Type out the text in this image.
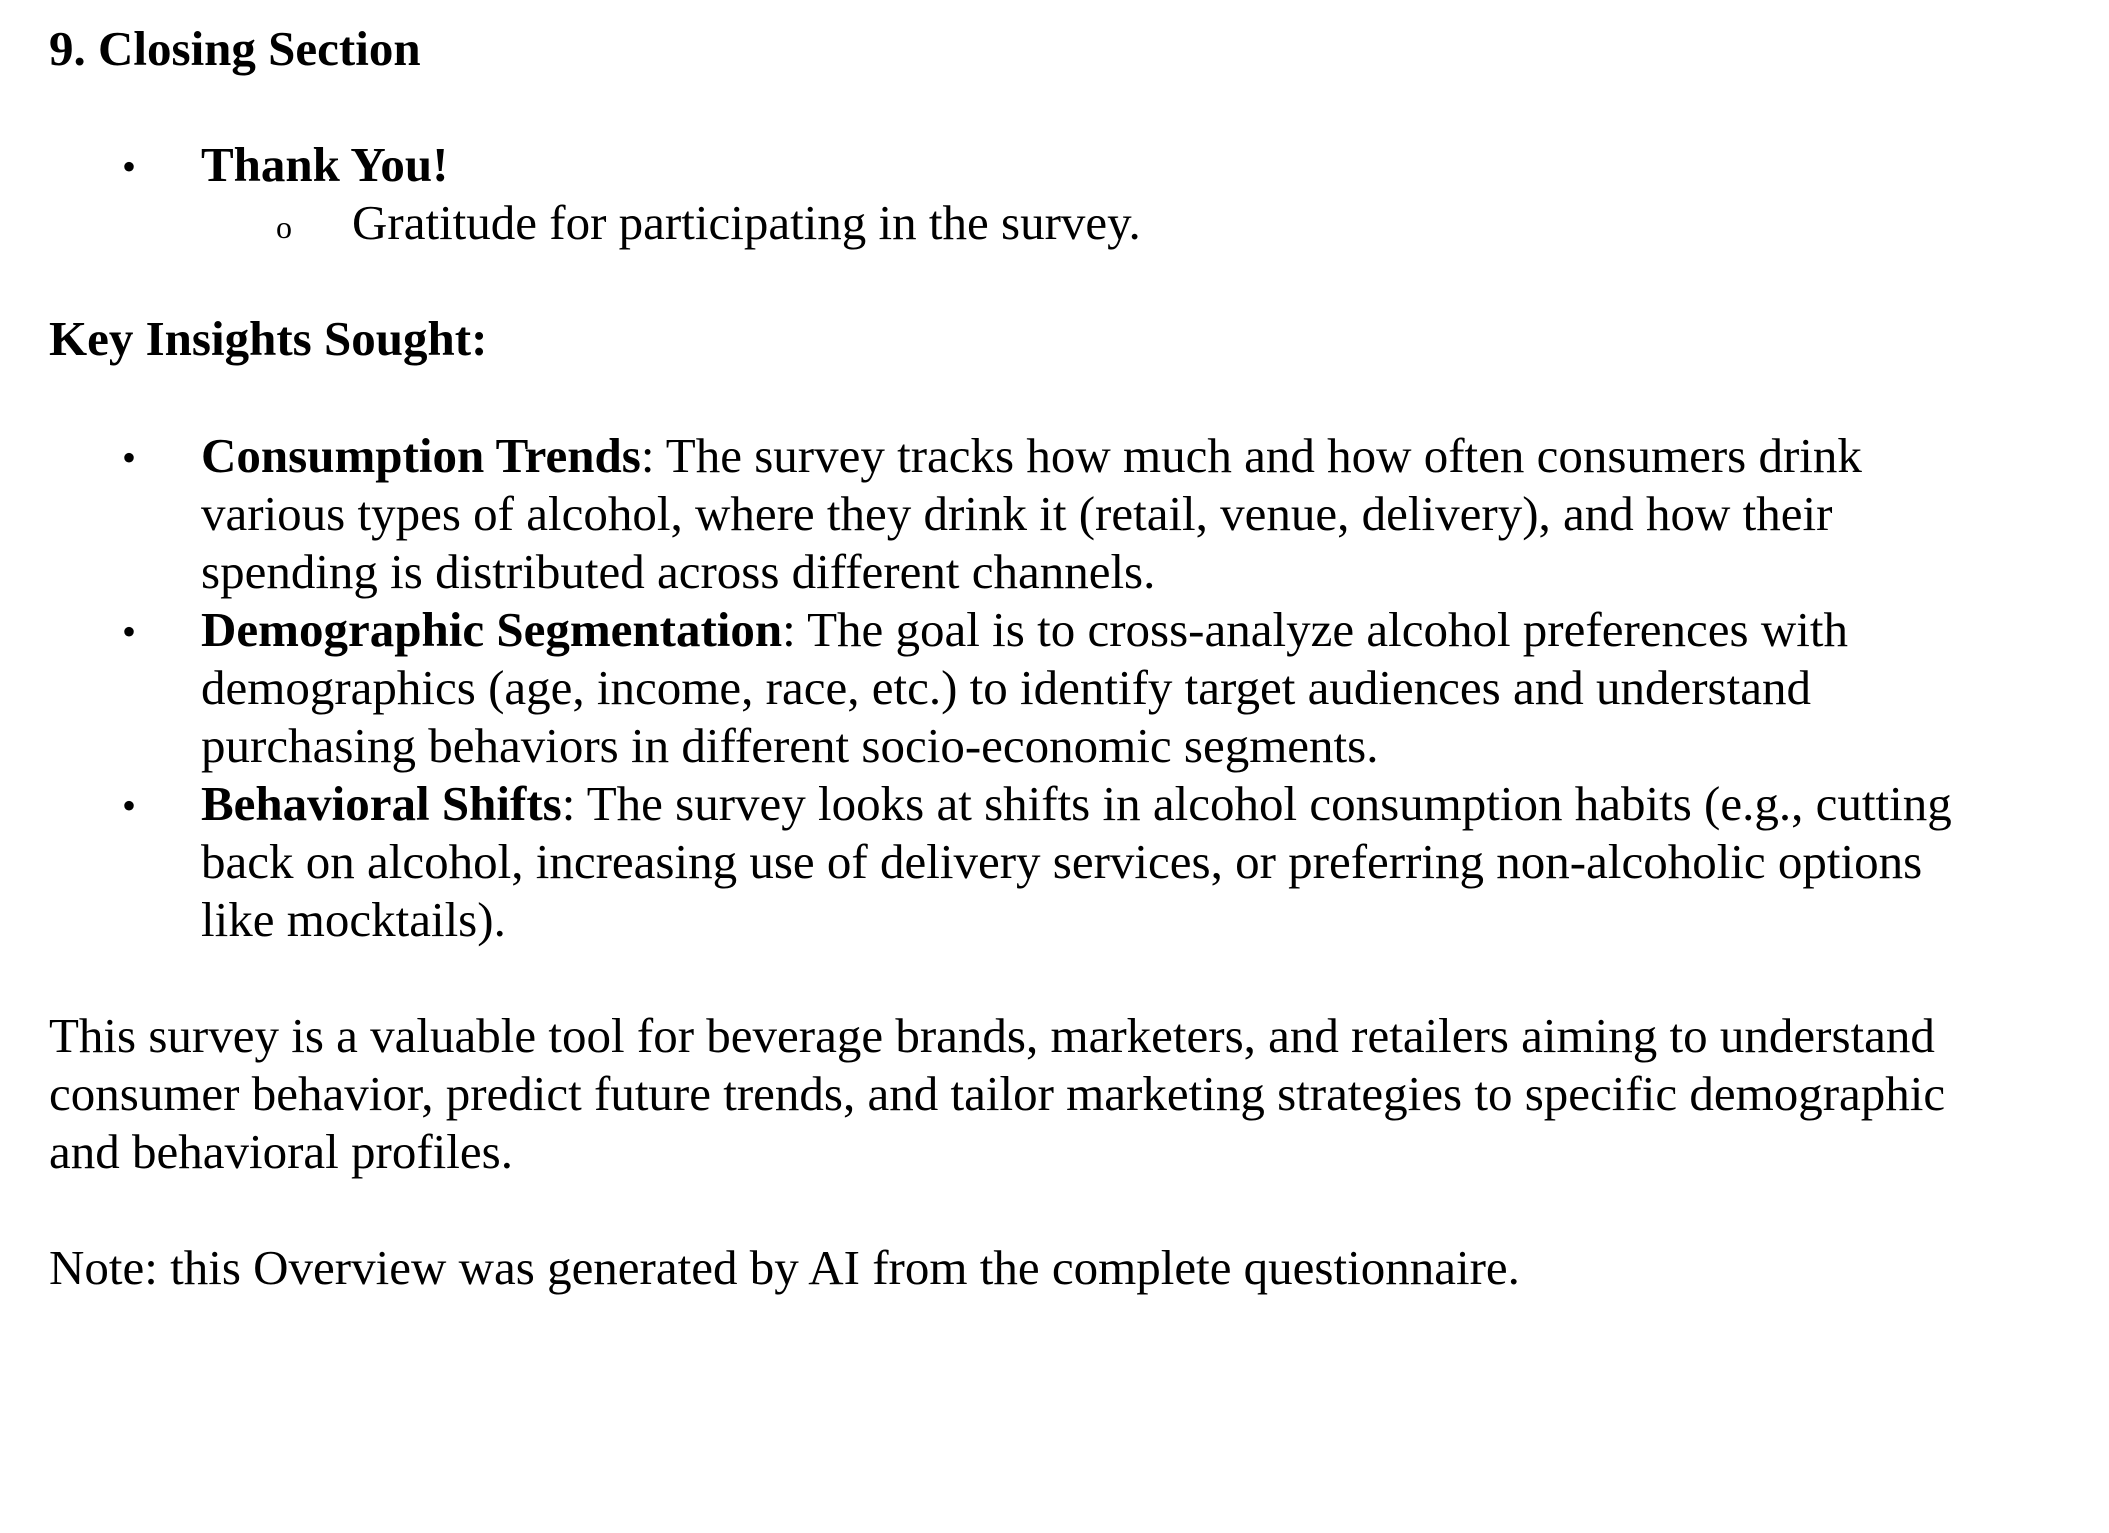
9. Closing Section
• Thank You!
o Gratitude for participating in the survey.
Key Insights Sought:
• Consumption Trends: The survey tracks how much and how often consumers drink
various types of alcohol, where they drink it (retail, venue, delivery), and how their
spending is distributed across different channels.
• Demographic Segmentation: The goal is to cross-analyze alcohol preferences with
demographics (age, income, race, etc.) to identify target audiences and understand
purchasing behaviors in different socio-economic segments.
• Behavioral Shifts: The survey looks at shifts in alcohol consumption habits (e.g., cutting
back on alcohol, increasing use of delivery services, or preferring non-alcoholic options
like mocktails).
This survey is a valuable tool for beverage brands, marketers, and retailers aiming to understand
consumer behavior, predict future trends, and tailor marketing strategies to specific demographic
and behavioral profiles.
Note: this Overview was generated by AI from the complete questionnaire.
